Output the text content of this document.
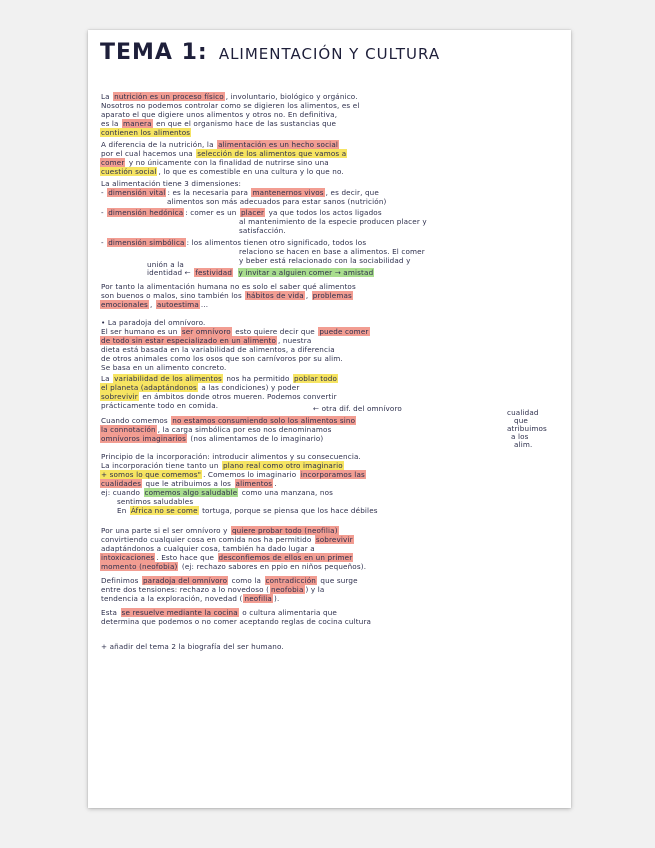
TEMA 1: ALIMENTACIÓN Y CULTURA
La nutrición es un proceso físico , involuntario, biológico y orgánico.
Nosotros no podemos controlar como se digieren los alimentos, es el
aparato el que digiere unos alimentos y otros no. En definitiva,
es la manera en que el organismo hace de las sustancias que
contienen los alimentos
A diferencia de la nutrición, la alimentación es un hecho social
por el cual hacemos una selección de los alimentos que vamos a
comer y no únicamente con la finalidad de nutrirse sino una
cuestión social , lo que es comestible en una cultura y lo que no.
La alimentación tiene 3 dimensiones:
- dimensión vital : es la necesaria para mantenernos vivos , es decir, que
alimentos son más adecuados para estar sanos (nutrición)
- dimensión hedónica : comer es un placer ya que todos los actos ligados
al mantenimiento de la especie producen placer y
satisfacción.
- dimensión simbólica : los alimentos tienen otro significado, todos los
relaciono se hacen en base a alimentos. El comer
y beber está relacionado con la sociabilidad y
unión a la
identidad ← festividad y invitar a alguien comer → amistad
Por tanto la alimentación humana no es solo el saber qué alimentos
son buenos o malos, sino también los hábitos de vida , problemas
emocionales , autoestima ...
• La paradoja del omnívoro.
El ser humano es un ser omnívoro esto quiere decir que puede comer
de todo sin estar especializado en un alimento , nuestra
dieta está basada en la variabilidad de alimentos, a diferencia
de otros animales como los osos que son carnívoros por su alim.
Se basa en un alimento concreto.
La variabilidad de los alimentos nos ha permitido poblar todo
el planeta (adaptándonos a las condiciones) y poder
sobrevivir en ámbitos donde otros mueren. Podemos convertir
prácticamente todo en comida.	← otra dif. del omnívoro
Cuando comemos no estamos consumiendo solo los alimentos sino
la connotación , la carga simbólica por eso nos denominamos
omnívoros imaginarios (nos alimentamos de lo imaginario)
cualidad
que
atribuimos
a los
alim.
Principio de la incorporación: introducir alimentos y su consecuencia.
La incorporación tiene tanto un plano real como otro imaginario
+ somos lo que comemos" . Comemos lo imaginario incorporamos las
cualidades que le atribuimos a los alimentos .
ej: cuando comemos algo saludable como una manzana, nos
sentimos saludables
En África no se come tortuga, porque se piensa que los hace débiles
Por una parte si el ser omnívoro y quiere probar todo (neofilia)
convirtiendo cualquier cosa en comida nos ha permitido sobrevivir
adaptándonos a cualquier cosa, también ha dado lugar a
intoxicaciones . Esto hace que desconfiemos de ellos en un primer
momento (neofobia) (ej: rechazo sabores en ppio en niños pequeños).
Definimos paradoja del omnívoro como la contradicción que surge
entre dos tensiones: rechazo a lo novedoso ( neofobia ) y la
tendencia a la exploración, novedad ( neofilia ).
Esta se resuelve mediante la cocina o cultura alimentaria que
determina que podemos o no comer aceptando reglas de cocina cultura
+ añadir del tema 2 la biografía del ser humano.
